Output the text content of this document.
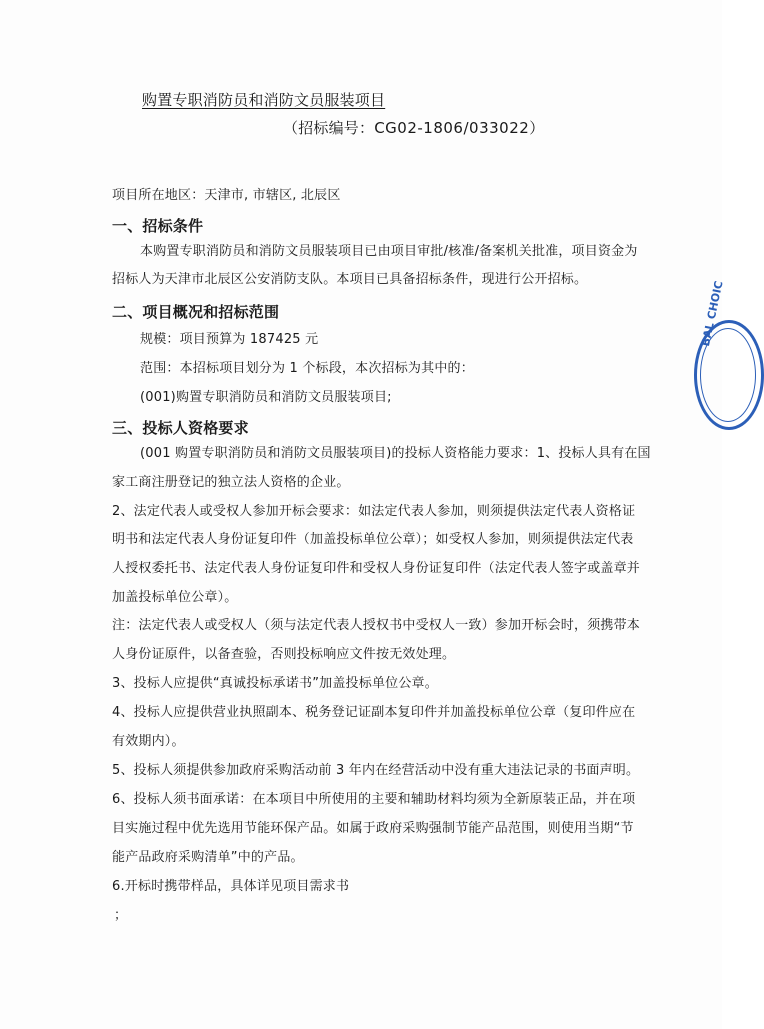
购置专职消防员和消防文员服装项目
（招标编号：CG02-1806/033022）
项目所在地区：天津市, 市辖区, 北辰区
一、招标条件
本购置专职消防员和消防文员服装项目已由项目审批/核准/备案机关批准，项目资金为
招标人为天津市北辰区公安消防支队。本项目已具备招标条件，现进行公开招标。
二、项目概况和招标范围
规模：项目预算为 187425 元
范围：本招标项目划分为 1 个标段，本次招标为其中的：
(001)购置专职消防员和消防文员服装项目;
三、投标人资格要求
(001 购置专职消防员和消防文员服装项目)的投标人资格能力要求：1、投标人具有在国
家工商注册登记的独立法人资格的企业。
2、法定代表人或受权人参加开标会要求：如法定代表人参加，则须提供法定代表人资格证
明书和法定代表人身份证复印件（加盖投标单位公章）；如受权人参加，则须提供法定代表
人授权委托书、法定代表人身份证复印件和受权人身份证复印件（法定代表人签字或盖章并
加盖投标单位公章）。
注：法定代表人或受权人（须与法定代表人授权书中受权人一致）参加开标会时，须携带本
人身份证原件，以备查验，否则投标响应文件按无效处理。
3、投标人应提供“真诚投标承诺书”加盖投标单位公章。
4、投标人应提供营业执照副本、税务登记证副本复印件并加盖投标单位公章（复印件应在
有效期内）。
5、投标人须提供参加政府采购活动前 3 年内在经营活动中没有重大违法记录的书面声明。
6、投标人须书面承诺：在本项目中所使用的主要和辅助材料均须为全新原装正品，并在项
目实施过程中优先选用节能环保产品。如属于政府采购强制节能产品范围，则使用当期“节
能产品政府采购清单”中的产品。
6.开标时携带样品，具体详见项目需求书
；
BAL CHOIC
